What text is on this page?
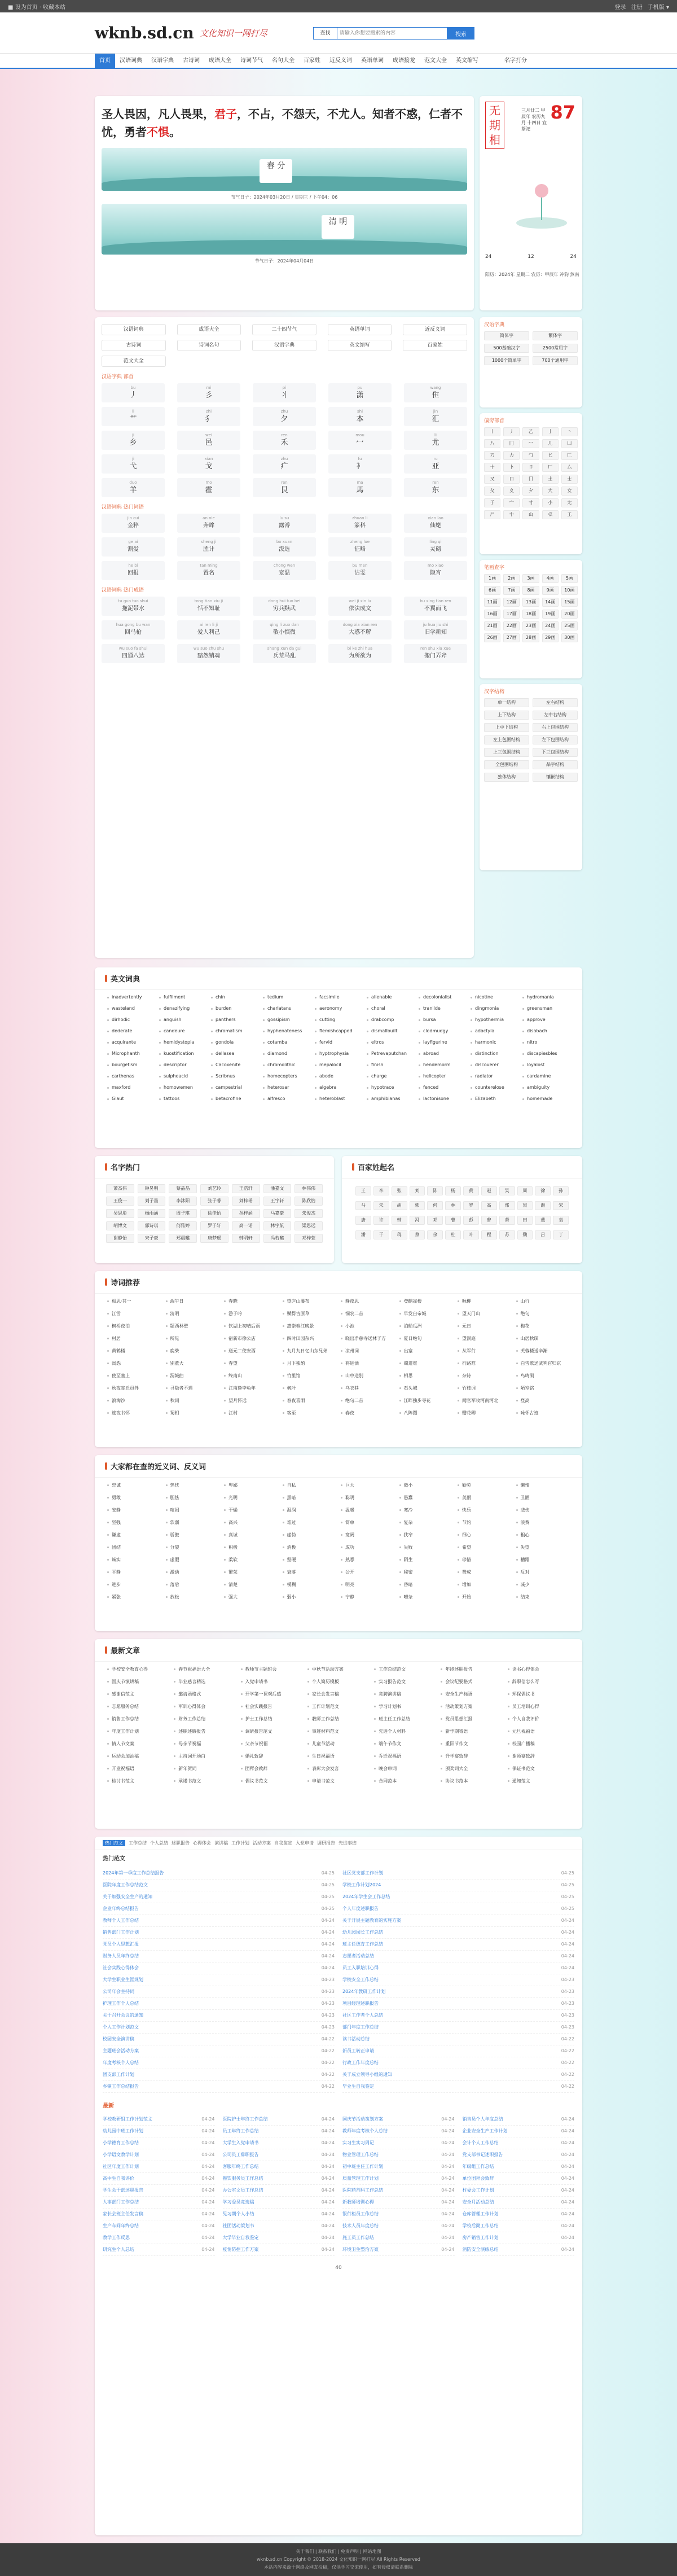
■ 设为首页 · 收藏本站	登录 注册 手机版 ▾
wknb.sd.cn 文化知识一网打尽	查找
请输入你想要搜索的内容	搜索
首页	汉语词典	汉语字典	古诗词	成语大全	诗词节气	名句大全	百家姓	近反义词	英语单词	成语接龙	范文大全	英文缩写	名字打分
圣人畏因，凡人畏果，君子，不占，不怨天，不尤人。知者不惑，仁者不忧，勇者不惧。
春 分
节气日子：2024年03月20日 / 星期三 / 下午04：06
清 明
节气日子：2024年04月04日
无 期 相
三月廿二 甲辰年 农历九月 十四日 宜祭祀
87
24	12	24
阳历：2024年 星期二 农历：甲辰年 冲狗 煞南
汉语词典	成语大全	二十四节气	英语单词	近反义词
古诗词	诗词名句	汉语字典	英文缩写	百家姓
范文大全
汉语字典 部首
bu
丿
mi
彡
pi
丬
pu
潇
wang
隹
li
艹
zhi
犭
zhu
夕
shi
本
jin
汇
ji
乡
wei
邑
ren
禾
mou
冖
li
尤
ji
弋
xian
戈
zhu
疒
fu
衤
ru
亚
duo
羊
mo
霍
ren
艮
ma
馬
ren
东
汉语词典 热门词语
jin cui
金粹
an nie
奔眸
lu su
露溥
zhuan li
篆科
xian lao
仙姥
ge ai
割爱
sheng ji
胜计
bo xuan
泼选
zheng lue
征略
ling qi
灵砌
he bi
回报
tan ming
置名
chong wen
宠温
bu men
洁雯
mo xiao
隐宵
汉语词典 热门成语
ta guo tuo shui
拖泥带水
tong tian xiu ji
恬不知耻
dong hui tuo bei
穷兵黩武
wei ji xin lu
依法成文
bu xing tian ren
不翼而飞
hua gong bu wan
回马枪
ai ren li ji
爱人利己
qing li zuo dan
敬小慎微
dong xia xian ren
大惑不解
ju hua jiu shi
旧学新知
wu suo fa shui
四通八达
wu suo zhu shu
黯然销魂
shang xun da gui
兵荒马乱
bi ke zhi hua
为所欲为
ren shu xia xue
搬门弄斧
汉语字典
简体字	繁体字
500基础汉字	2500常用字
1000个简单字	700个通用字
偏旁部首
丨	丿	乙	亅	丶
八	冂	冖	几	凵
刀	力	勹	匕	匚
十	卜	卩	厂	厶
又	口	囗	土	士
夂	夊	夕	大	女
子	宀	寸	小	尢
尸	屮	山	巛	工
笔画查字
1画	2画	3画	4画	5画
6画	7画	8画	9画	10画
11画	12画	13画	14画	15画
16画	17画	18画	19画	20画
21画	22画	23画	24画	25画
26画	27画	28画	29画	30画
汉字结构
单一结构	左右结构
上下结构	左中右结构
上中下结构	右上包围结构
左上包围结构	左下包围结构
上三包围结构	下三包围结构
全包围结构	品字结构
独体结构	镶嵌结构
英文词典
inadvertently	fulfilment	chin	tedium	facsimile	alienable	decolonialist	nicotine	hydromania
wasteland	denazifying	burden	charlatans	aeronomy	choral	tranilde	dingmonia	greensman
dirhodic	anguish	panthers	gossipism	cutting	drabcomp	bursa	hypothermia	approve
dederate	candeure	chromatism	hyphenateness	flemishcapped	dismallbuilt	clodmudgy	adactyla	disabach
acquirante	hemidystopia	gondola	cotamba	fervid	eltros	layfigurine	harmonic	nitro
Microphanth	kuostification	dellasea	diamond	hyptrophysia	Petrevaputchan	abroad	distinction	discapiesbles
bourgetism	descriptor	Cacoxenite	chromolithic	mepalocil	finish	hendemorm	discoverer	loyalost
carthenas	sulphoacid	Scribnus	homecopters	abode	charge	helicopter	radiator	cardamine
maxford	homowemen	campestrial	heterosar	algebra	hypotrace	fenced	counterelose	ambiguity
Glaut	tattoos	betacrofine	alfresco	heteroblast	amphibianas	lactonisone	Elizabeth	homemade
名字热门
萧杰伟	钟昊明	蔡晶晶	刘艺玲	王浩轩	潘嘉文	林伟伟
王俊一	刘子墨	李沐阳	张子睿	刘梓瑶	王宇轩	陈欣怡
吴思彤	杨雨涵	周子琪	徐佳怡	孙梓涵	马嘉豪	朱俊杰
胡博文	郭诗琪	何雅婷	罗子轩	高一诺	林宇航	梁思远
谢静怡	宋子豪	郑晨曦	唐梦瑶	韩明轩	冯若曦	邓梓萱
百家姓起名
王	李	张	刘	陈	杨	黄	赵	吴	周	徐	孙
马	朱	胡	郭	何	林	罗	高	郑	梁	谢	宋
唐	许	韩	冯	邓	曹	彭	曾	萧	田	董	袁
潘	于	蒋	蔡	余	杜	叶	程	苏	魏	吕	丁
诗词推荐
相思·其一	端午日	春晓	望庐山瀑布	静夜思	登鹳雀楼	咏柳	山行
江雪	清明	游子吟	赋得古原草	悯农二首	早发白帝城	望天门山	绝句
枫桥夜泊	题西林壁	饮湖上初晴后雨	惠崇春江晚景	小池	泊船瓜洲	元日	梅花
村居	所见	宿新市徐公店	四时田园杂兴	晓出净慈寺送林子方	夏日绝句	望洞庭	山居秋暝
黄鹤楼	鹿柴	送元二使安西	九月九日忆山东兄弟	凉州词	出塞	从军行	芙蓉楼送辛渐
闺怨	别董大	春望	月下独酌	将进酒	蜀道难	行路难	白雪歌送武判官归京
使至塞上	渭城曲	终南山	竹里馆	山中送别	相思	杂诗	鸟鸣涧
秋夜寄丘员外	寻隐者不遇	江南逢李龟年	枫叶	乌衣巷	石头城	竹枝词	陋室铭
浪淘沙	秋词	望月怀远	春夜喜雨	绝句二首	江畔独步寻花	闻官军收河南河北	登高
旅夜书怀	蜀相	江村	客至	春夜	八阵图	赠花卿	咏怀古迹
大家都在查的近义词、反义词
忠诚	热忱	卑鄙	自私	巨大	微小	勤劳	懒惰
勇敢	胆怯	光明	黑暗	聪明	愚蠢	美丽	丑陋
安静	喧闹	干燥	湿润	温暖	寒冷	快乐	悲伤
坚强	软弱	高兴	难过	简单	复杂	节约	浪费
谦虚	骄傲	真诚	虚伪	宽阔	狭窄	细心	粗心
团结	分裂	积极	消极	成功	失败	希望	失望
诚实	虚假	柔软	坚硬	熟悉	陌生	珍惜	糟蹋
平静	激动	繁荣	衰落	公开	秘密	赞成	反对
进步	落后	清楚	模糊	明亮	昏暗	增加	减少
紧张	放松	强大	弱小	宁静	嘈杂	开始	结束
最新文章
学校安全教育心得	春节祝福语大全	教师节主题班会	中秋节活动方案	工作总结范文	年终述职报告	读书心得体会
国庆节演讲稿	毕业感言精选	入党申请书	个人简历模板	实习报告范文	会议纪要格式	辞职信怎么写
感谢信范文	邀请函格式	开学第一课观后感	家长会发言稿	竞聘演讲稿	安全生产标语	环保倡议书
志愿服务总结	军训心得体会	社会实践报告	工作计划范文	学习计划书	活动策划方案	员工培训心得
销售工作总结	财务工作总结	护士工作总结	教师工作总结	班主任工作总结	党员思想汇报	个人自我评价
年度工作计划	述职述廉报告	调研报告范文	事迹材料范文	先进个人材料	新学期寄语	元旦祝福语
情人节文案	母亲节祝福	父亲节祝福	儿童节活动	端午节作文	重阳节作文	校园广播稿
运动会加油稿	主持词开场白	婚礼致辞	生日祝福语	乔迁祝福语	升学宴致辞	谢师宴致辞
开业祝福语	新年贺词	团拜会致辞	表彰大会发言	晚会串词	颁奖词大全	保证书范文
检讨书范文	承诺书范文	倡议书范文	申请书范文	合同范本	协议书范本	通知范文
热门范文	工作总结 个人总结 述职报告 心得体会 演讲稿 工作计划 活动方案 自我鉴定 入党申请 调研报告 先进事迹
热门范文
2024年第一季度工作总结报告	04-25 社区党支部工作计划	04-25
医院年度工作总结范文	04-25 学校工作计划2024	04-25
关于加强安全生产的通知	04-25 2024年学生会工作总结	04-25
企业年终总结报告	04-25 个人年度述职报告	04-25
教师个人工作总结	04-24 关于开展主题教育的实施方案	04-24
销售部门工作计划	04-24 幼儿园园长工作总结	04-24
党员个人思想汇报	04-24 班主任德育工作总结	04-24
财务人员年终总结	04-24 志愿者活动总结	04-24
社会实践心得体会	04-24 员工入职培训心得	04-24
大学生职业生涯规划	04-23 学校安全工作总结	04-23
公司年会主持词	04-23 2024年教研工作计划	04-23
护理工作个人总结	04-23 项目经理述职报告	04-23
关于召开会议的通知	04-23 社区工作者个人总结	04-23
个人工作计划范文	04-23 部门年度工作总结	04-23
校园安全演讲稿	04-22 读书活动总结	04-22
主题班会活动方案	04-22 新员工转正申请	04-22
年度考核个人总结	04-22 行政工作年度总结	04-22
团支部工作计划	04-22 关于成立领导小组的通知	04-22
乡镇工作总结报告	04-22 毕业生自我鉴定	04-22
最新
学校教研组工作计划范文	04-24 医院护士年终工作总结	04-24 国庆节活动策划方案	04-24 销售员个人年度总结	04-24
幼儿园中班工作计划	04-24 员工年终工作总结	04-24 教师年度考核个人总结	04-24 企业安全生产工作计划	04-24
小学德育工作总结	04-24 大学生入党申请书	04-24 实习生实习周记	04-24 会计个人工作总结	04-24
小学语文教学计划	04-24 公司员工辞职报告	04-24 物业管理工作总结	04-24 党支部书记述职报告	04-24
社区年度工作计划	04-24 客服年终工作总结	04-24 初中班主任工作计划	04-24 年级组工作总结	04-24
高中生自我评价	04-24 餐饮服务员工作总结	04-24 质量管理工作计划	04-24 单位团拜会致辞	04-24
学生会干部述职报告	04-24 办公室文员工作总结	04-24 医院药剂科工作总结	04-24 村委会工作计划	04-24
人事部门工作总结	04-24 学习委员竞选稿	04-24 新教师培训心得	04-24 安全月活动总结	04-24
家长会班主任发言稿	04-24 见习期个人小结	04-24 银行柜员工作总结	04-24 仓库管理工作计划	04-24
生产车间年终总结	04-24 社团活动策划书	04-24 技术人员年度总结	04-24 学校后勤工作总结	04-24
教学工作反思	04-24 大学毕业自我鉴定	04-24 施工员工作总结	04-24 房产销售工作计划	04-24
研究生个人总结	04-24 疫情防控工作方案	04-24 环境卫生整治方案	04-24 消防安全演练总结	04-24
40
关于我们 | 联系我们 | 免责声明 | 网站地图
wknb.sd.cn Copyright © 2018-2024 文化知识一网打尽 All Rights Reserved
本站内容来源于网络及网友投稿，仅供学习交流使用，如有侵权请联系删除
